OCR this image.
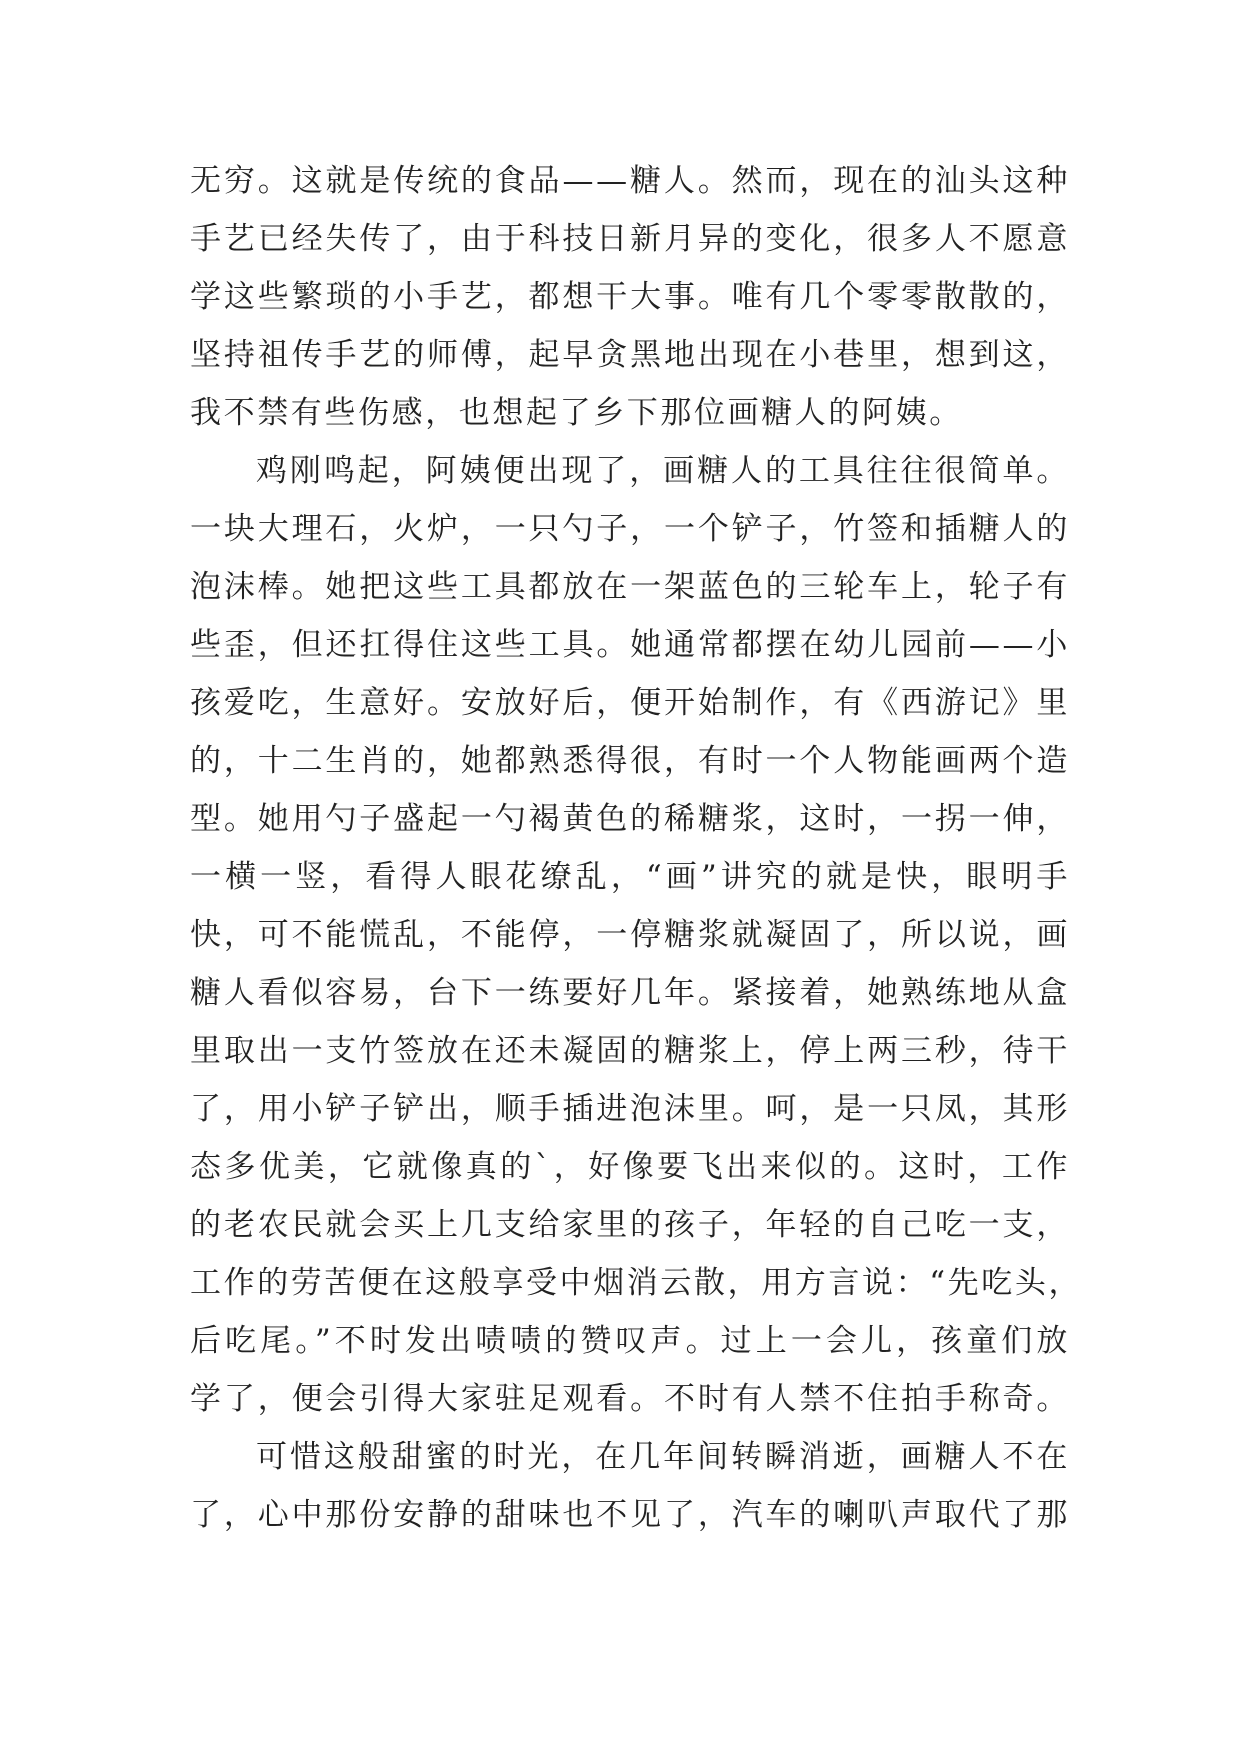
无穷。这就是传统的食品——糖人。然而，现在的汕头这种
手艺已经失传了，由于科技日新月异的变化，很多人不愿意
学这些繁琐的小手艺，都想干大事。唯有几个零零散散的，
坚持祖传手艺的师傅，起早贪黑地出现在小巷里，想到这，
我不禁有些伤感，也想起了乡下那位画糖人的阿姨。
鸡刚鸣起，阿姨便出现了，画糖人的工具往往很简单。
一块大理石，火炉，一只勺子，一个铲子，竹签和插糖人的
泡沫棒。她把这些工具都放在一架蓝色的三轮车上，轮子有
些歪，但还扛得住这些工具。她通常都摆在幼儿园前——小
孩爱吃，生意好。安放好后，便开始制作，有《西游记》里
的，十二生肖的，她都熟悉得很，有时一个人物能画两个造
型。她用勺子盛起一勺褐黄色的稀糖浆，这时，一拐一伸，
一横一竖，看得人眼花缭乱，“画”讲究的就是快，眼明手
快，可不能慌乱，不能停，一停糖浆就凝固了，所以说，画
糖人看似容易，台下一练要好几年。紧接着，她熟练地从盒
里取出一支竹签放在还未凝固的糖浆上，停上两三秒，待干
了，用小铲子铲出，顺手插进泡沫里。呵，是一只凤，其形
态多优美，它就像真的`，好像要飞出来似的。这时，工作
的老农民就会买上几支给家里的孩子，年轻的自己吃一支，
工作的劳苦便在这般享受中烟消云散，用方言说：“先吃头，
后吃尾。”不时发出啧啧的赞叹声。过上一会儿，孩童们放
学了，便会引得大家驻足观看。不时有人禁不住拍手称奇。
可惜这般甜蜜的时光，在几年间转瞬消逝，画糖人不在
了，心中那份安静的甜味也不见了，汽车的喇叭声取代了那
